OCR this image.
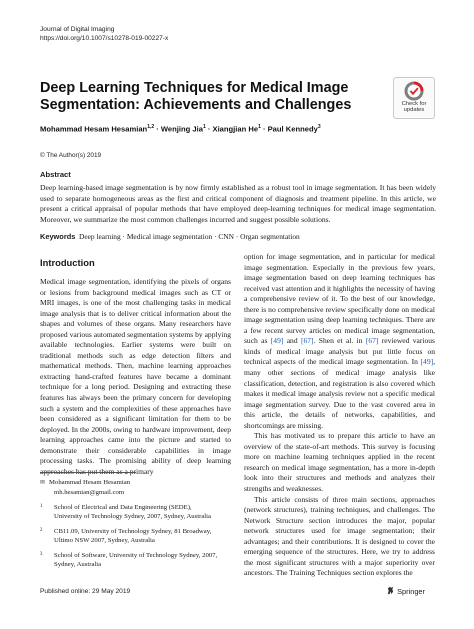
Journal of Digital Imaging
https://doi.org/10.1007/s10278-019-00227-x
Check for
updates
Deep Learning Techniques for Medical Image Segmentation: Achievements and Challenges
Mohammad Hesam Hesamian$^{1,2}$ · Wenjing Jia$^1$ · Xiangjian $He^1$ · Paul Kennedy$^3$
© The Author(s) 2019
Abstract

Deep learning-based image segmentation is by now firmly established as a robust tool in image segmentation. It has been widely used to separate homogeneous areas as the first and critical component of diagnosis and treatment pipeline. In this article, we present a critical appraisal of popular methods that have employed deep-learning techniques for medical image segmentation. Moreover, we summarize the most common challenges incurred and suggest possible solutions.

Keywords Deep learning · Medical image segmentation · CNN · Organ segmentation
Introduction

Medical image segmentation, identifying the pixels of organs or lesions from background medical images such as CT or MRI images, is one of the most challenging tasks in medical image analysis that is to deliver critical information about the shapes and volumes of these organs. Many researchers have proposed various automated segmentation systems by applying available technologies. Earlier systems were built on traditional methods such as edge detection filters and mathematical methods. Then, machine learning approaches extracting hand-crafted features have became a dominant technique for a long period. Designing and extracting these features has always been the primary concern for developing such a system and the complexities of these approaches have been considered as a significant limitation for them to be deployed. In the 2000s, owing to hardware improvement, deep learning approaches came into the picture and started to demonstrate their considerable capabilities in image processing tasks. The promising ability of deep learning approaches has put them as a primary

option for image segmentation, and in particular for medical image segmentation. Especially in the previous few years, image segmentation based on deep learning techniques has received vast attention and it highlights the necessity of having a comprehensive review of it. To the best of our knowledge, there is no comprehensive review specifically done on medical image segmentation using deep learning techniques. There are a few recent survey articles on medical image segmentation, such as [49] and [67]. Shen et al. in [67] reviewed various kinds of medical image analysis but put little focus on technical aspects of the medical image segmentation. In [49], many other sections of medical image analysis like classification, detection, and registration is also covered which makes it medical image analysis review not a specific medical image segmentation survey. Due to the vast covered area in this article, the details of networks, capabilities, and shortcomings are missing.

This has motivated us to prepare this article to have an overview of the state-of-art methods. This survey is focusing more on machine learning techniques applied in the recent research on medical image segmentation, has a more in-depth look into their structures and methods and analyzes their strengths and weaknesses.

This article consists of three main sections, approaches (network structures), training techniques, and challenges. The Network Structure section introduces the major, popular network structures used for image segmentation; their advantages; and their contributions. It is designed to cover the emerging sequence of the structures. Here, we try to address the most significant structures with a major superiority over ancestors. The Training Techniques section explores the

✉ Mohammad Hesam Hesamian
mh.hesamian@gmail.com
1	School of Electrical and Data Engineering (SEDE), University of Technology Sydney, 2007, Sydney, Australia
2	CB11.09, University of Technology Sydney, 81 Broadway, Ultimo NSW 2007, Sydney, Australia
3	School of Software, University of Technology Sydney, 2007, Sydney, Australia
Published online: 29 May 2019	Springer
